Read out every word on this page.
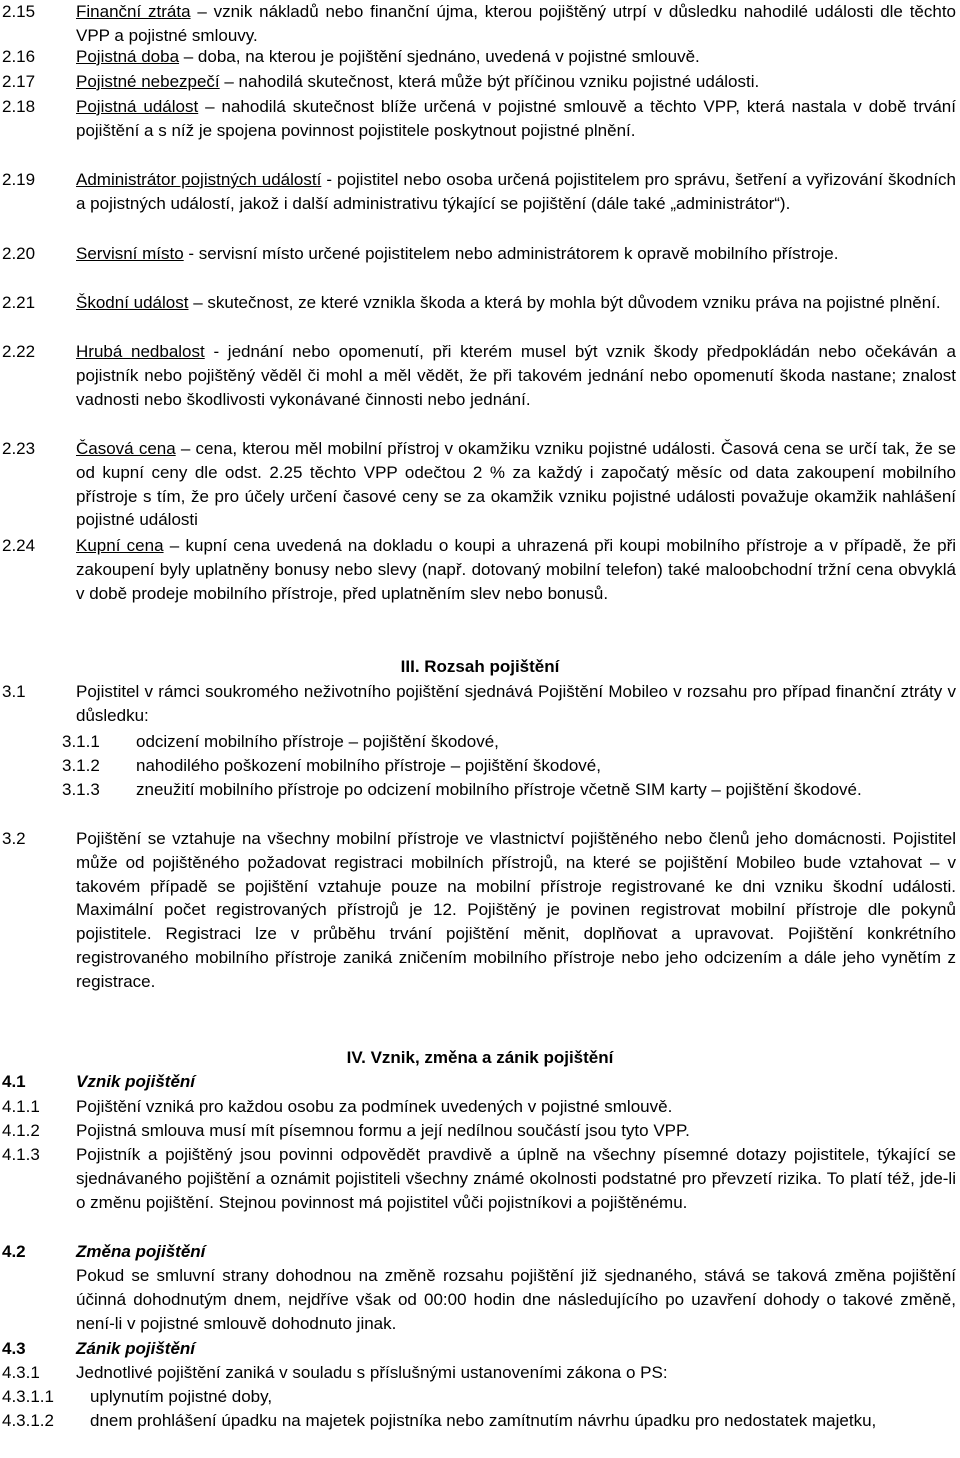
2.15 Finanční ztráta – vznik nákladů nebo finanční újma, kterou pojištěný utrpí v důsledku nahodilé události dle těchto VPP a pojistné smlouvy.
2.16 Pojistná doba – doba, na kterou je pojištění sjednáno, uvedená v pojistné smlouvě.
2.17 Pojistné nebezpečí – nahodilá skutečnost, která může být příčinou vzniku pojistné události.
2.18 Pojistná událost – nahodilá skutečnost blíže určená v pojistné smlouvě a těchto VPP, která nastala v době trvání pojištění a s níž je spojena povinnost pojistitele poskytnout pojistné plnění.
2.19 Administrátor pojistných událostí - pojistitel nebo osoba určená pojistitelem pro správu, šetření a vyřizování škodních a pojistných událostí, jakož i další administrativu týkající se pojištění (dále také „administrátor“).
2.20 Servisní místo - servisní místo určené pojistitelem nebo administrátorem k opravě mobilního přístroje.
2.21 Škodní událost – skutečnost, ze které vznikla škoda a která by mohla být důvodem vzniku práva na pojistné plnění.
2.22 Hrubá nedbalost - jednání nebo opomenutí, při kterém musel být vznik škody předpokládán nebo očekáván a pojistník nebo pojištěný věděl či mohl a měl vědět, že při takovém jednání nebo opomenutí škoda nastane; znalost vadnosti nebo škodlivosti vykonávané činnosti nebo jednání.
2.23 Časová cena – cena, kterou měl mobilní přístroj v okamžiku vzniku pojistné události. Časová cena se určí tak, že se od kupní ceny dle odst. 2.25 těchto VPP odečtou 2 % za každý i započatý měsíc od data zakoupení mobilního přístroje s tím, že pro účely určení časové ceny se za okamžik vzniku pojistné události považuje okamžik nahlášení pojistné události
2.24 Kupní cena – kupní cena uvedená na dokladu o koupi a uhrazená při koupi mobilního přístroje a v případě, že při zakoupení byly uplatněny bonusy nebo slevy (např. dotovaný mobilní telefon) také maloobchodní tržní cena obvyklá v době prodeje mobilního přístroje, před uplatněním slev nebo bonusů.
III. Rozsah pojištění
3.1	Pojistitel v rámci soukromého neživotního pojištění sjednává Pojištění Mobileo v rozsahu pro případ finanční ztráty v důsledku:
3.1.1 odcizení mobilního přístroje – pojištění škodové,
3.1.2 nahodilého poškození mobilního přístroje – pojištění škodové,
3.1.3 zneužití mobilního přístroje po odcizení mobilního přístroje včetně SIM karty – pojištění škodové.
3.2	Pojištění se vztahuje na všechny mobilní přístroje ve vlastnictví pojištěného nebo členů jeho domácnosti. Pojistitel může od pojištěného požadovat registraci mobilních přístrojů, na které se pojištění Mobileo bude vztahovat – v takovém případě se pojištění vztahuje pouze na mobilní přístroje registrované ke dni vzniku škodní události. Maximální počet registrovaných přístrojů je 12. Pojištěný je povinen registrovat mobilní přístroje dle pokynů pojistitele. Registraci lze v průběhu trvání pojištění měnit, doplňovat a upravovat. Pojištění konkrétního registrovaného mobilního přístroje zaniká zničením mobilního přístroje nebo jeho odcizením a dále jeho vynětím z registrace.
IV. Vznik, změna a zánik pojištění
4.1	Vznik pojištění
4.1.1 Pojištění vzniká pro každou osobu za podmínek uvedených v pojistné smlouvě.
4.1.2 Pojistná smlouva musí mít písemnou formu a její nedílnou součástí jsou tyto VPP.
4.1.3 Pojistník a pojištěný jsou povinni odpovědět pravdivě a úplně na všechny písemné dotazy pojistitele, týkající se sjednávaného pojištění a oznámit pojistiteli všechny známé okolnosti podstatné pro převzetí rizika. To platí též, jde-li o změnu pojištění. Stejnou povinnost má pojistitel vůči pojistníkovi a pojištěnému.
4.2	Změna pojištění
Pokud se smluvní strany dohodnou na změně rozsahu pojištění již sjednaného, stává se taková změna pojištění účinná dohodnutým dnem, nejdříve však od 00:00 hodin dne následujícího po uzavření dohody o takové změně, není-li v pojistné smlouvě dohodnuto jinak.
4.3	Zánik pojištění
4.3.1 Jednotlivé pojištění zaniká v souladu s příslušnými ustanoveními zákona o PS:
4.3.1.1 uplynutím pojistné doby,
4.3.1.2 dnem prohlášení úpadku na majetek pojistníka nebo zamítnutím návrhu úpadku pro nedostatek majetku,
